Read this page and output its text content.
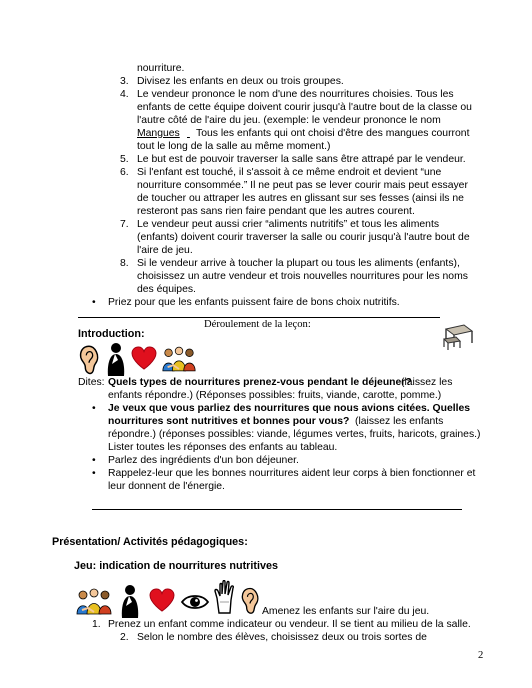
nourriture.
3. Divisez les enfants en deux ou trois groupes.
4. Le vendeur prononce le nom d'une des nourritures choisies. Tous les
enfants de cette équipe doivent courir jusqu'à l'autre bout de la classe ou
l'autre côté de l'aire du jeu. (exemple: le vendeur prononce le nom
Mangues
Tous les enfants qui ont choisi d'être des mangues courront
tout le long de la salle au même moment.)
5. Le but est de pouvoir traverser la salle sans être attrapé par le vendeur.
6. Si l'enfant est touché, il s'assoit à ce même endroit et devient “une
nourriture consommée.” Il ne peut pas se lever courir mais peut essayer
de toucher ou attraper les autres en glissant sur ses fesses (ainsi ils ne
resteront pas sans rien faire pendant que les autres courent.
7. Le vendeur peut aussi crier “aliments nutritifs” et tous les aliments
(enfants) doivent courir traverser la salle ou courir jusqu'à l'autre bout de
l'aire de jeu.
8. Si le vendeur arrive à toucher la plupart ou tous les aliments (enfants),
choisissez un autre vendeur et trois nouvelles nourritures pour les noms
des équipes.
• Priez pour que les enfants puissent faire de bons choix nutritifs.
Déroulement de la leçon:
Introduction:
Dites: Quels types de nourritures prenez-vous pendant le déjeuner?
(laissez les
enfants répondre.) (Réponses possibles: fruits, viande, carotte, pomme.)
• Je veux que vous parliez des nourritures que nous avions citées. Quelles
nourritures sont nutritives et bonnes pour vous? (laissez les enfants
répondre.) (réponses possibles: viande, légumes vertes, fruits, haricots, graines.)
Lister toutes les réponses des enfants au tableau.
• Parlez des ingrédients d'un bon déjeuner.
• Rappelez-leur que les bonnes nourritures aident leur corps à bien fonctionner et
leur donnent de l'énergie.
Présentation/ Activités pédagogiques:
Jeu: indication de nourritures nutritives
Amenez les enfants sur l'aire du jeu.
1. Prenez un enfant comme indicateur ou vendeur. Il se tient au milieu de la salle.
2. Selon le nombre des élèves, choisissez deux ou trois sortes de
2
